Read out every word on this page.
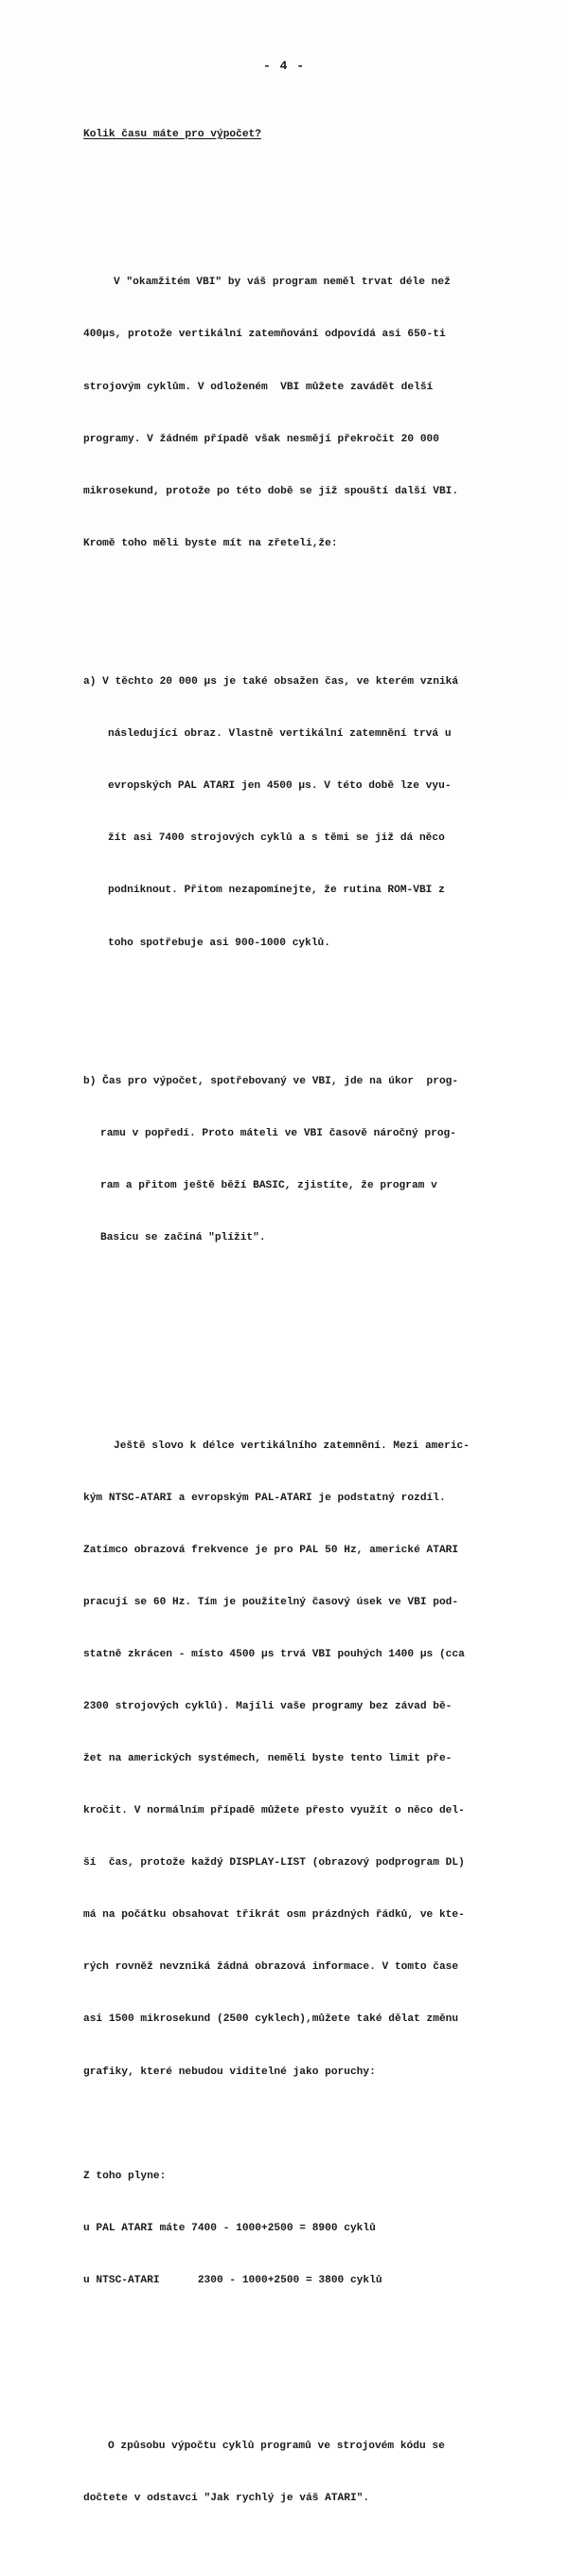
- 4 -

Kolik času máte pro výpočet?

V "okamžitém VBI" by váš program neměl trvat déle než

400µs, protože vertikální zatemňování odpovídá asi 650-ti

strojovým cyklům. V odloženém  VBI můžete zavádět delší

programy. V žádném případě však nesmějí překročit 20 000

mikrosekund, protože po této době se již spouští další VBI.

Kromě toho měli byste mít na zřeteli,že:

a) V těchto 20 000 µs je také obsažen čas, ve kterém vzniká

následující obraz. Vlastně vertikální zatemnění trvá u

evropských PAL ATARI jen 4500 µs. V této době lze vyu-

žít asi 7400 strojových cyklů a s těmi se již dá něco

podniknout. Přitom nezapomínejte, že rutina ROM-VBI z

toho spotřebuje asi 900-1000 cyklů.

b) Čas pro výpočet, spotřebovaný ve VBI, jde na úkor  prog-

ramu v popředí. Proto máteli ve VBI časově náročný prog-

ram a přitom ještě běží BASIC, zjistíte, že program v

Basicu se začíná "plížit".

Ještě slovo k délce vertikálního zatemnění. Mezi americ-

kým NTSC-ATARI a evropským PAL-ATARI je podstatný rozdíl.

Zatímco obrazová frekvence je pro PAL 50 Hz, americké ATARI

pracují se 60 Hz. Tím je použitelný časový úsek ve VBI pod-

statně zkrácen - místo 4500 µs trvá VBI pouhých 1400 µs (cca

2300 strojových cyklů). Majíli vaše programy bez závad bě-

žet na amerických systémech, neměli byste tento limit pře-

kročit. V normálním případě můžete přesto využít o něco del-

ší  čas, protože každý DISPLAY-LIST (obrazový podprogram DL)

má na počátku obsahovat třikrát osm prázdných řádků, ve kte-

rých rovněž nevzniká žádná obrazová informace. V tomto čase

asi 1500 mikrosekund (2500 cyklech),můžete také dělat změnu

grafiky, které nebudou viditelné jako poruchy:

Z toho plyne:

u PAL ATARI máte 7400 - 1000+2500 = 8900 cyklů

u NTSC-ATARI      2300 - 1000+2500 = 3800 cyklů

O způsobu výpočtu cyklů programů ve strojovém kódu se

dočtete v odstavci "Jak rychlý je váš ATARI".
